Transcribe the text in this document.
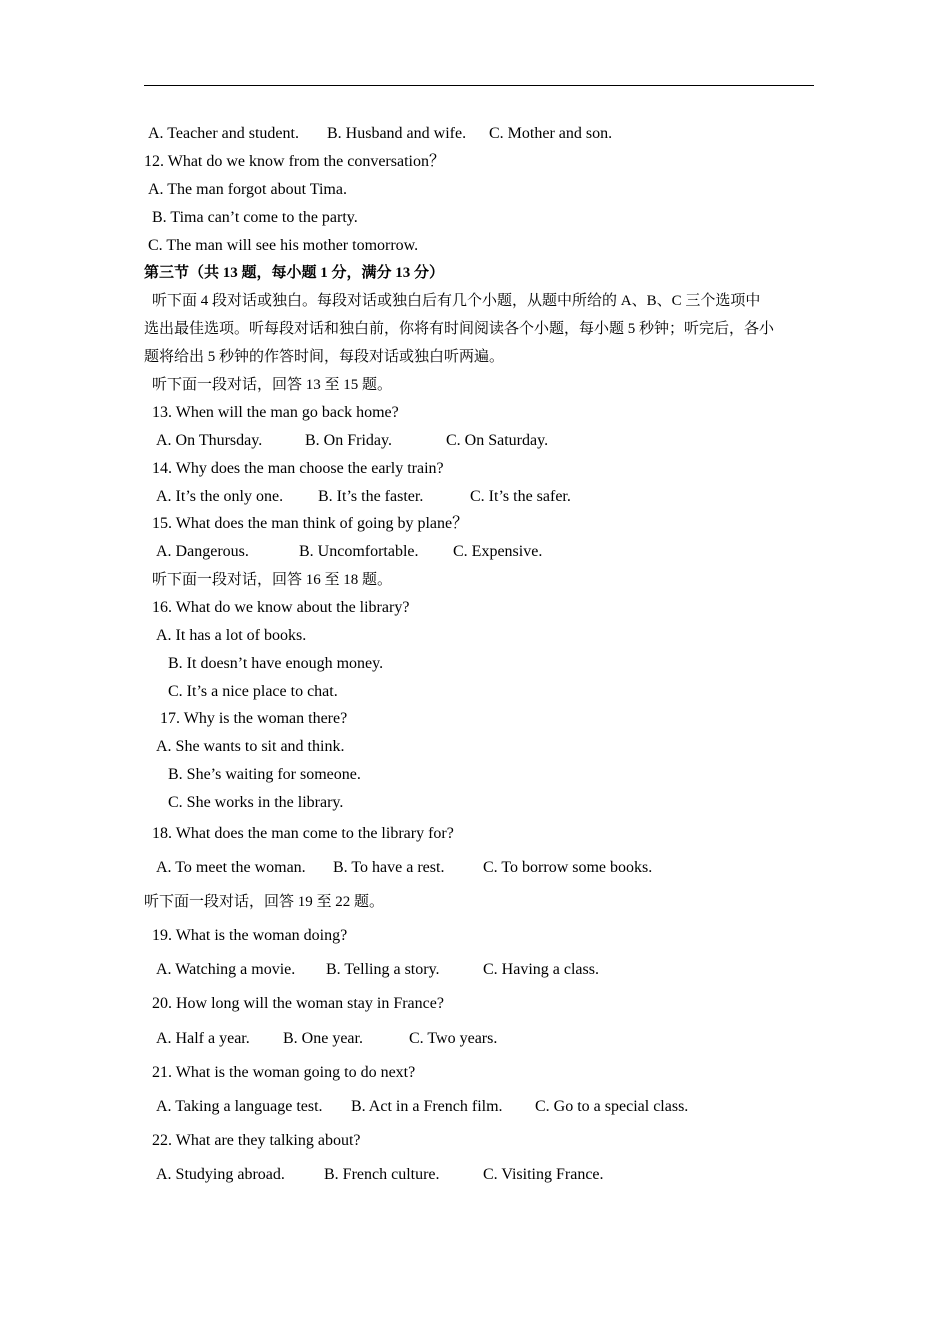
A. Teacher and student.

B. Husband and wife.

C. Mother and son.

12. What do we know from the conversation？
A. The man forgot about Tima.
B. Tima can’t come to the party.
C. The man will see his mother tomorrow.
第三节（共 13 题，每小题 1 分，满分 13 分）
听下面 4 段对话或独白。每段对话或独白后有几个小题，从题中所给的 A、B、C 三个选项中
选出最佳选项。听每段对话和独白前，你将有时间阅读各个小题，每小题 5 秒钟；听完后，各小
题将给出 5 秒钟的作答时间，每段对话或独白听两遍。
听下面一段对话，回答 13 至 15 题。
13. When will the man go back home?

A. On Thursday.

	B. On Friday.

	C. On Saturday.

14. Why does the man choose the early train?

A. It’s the only one.

B. It’s the faster.

	C. It’s the safer.

15. What does the man think of going by plane？

A. Dangerous.

	B. Uncomfortable.

C. Expensive.

听下面一段对话，回答 16 至 18 题。
16. What do we know about the library?
A. It has a lot of books.
B. It doesn’t have enough money.
C. It’s a nice place to chat.
17. Why is the woman there?
A. She wants to sit and think.
B. She’s waiting for someone.
C. She works in the library.
18. What does the man come to the library for?

A. To meet the woman.

B. To have a rest.

C. To borrow some books.

听下面一段对话，回答 19 至 22 题。
19. What is the woman doing?

A. Watching a movie.

B. Telling a story.

	C. Having a class.

20. How long will the woman stay in France?

A. Half a year.

B. One year.

	C. Two years.

21. What is the woman going to do next?

A. Taking a language test.

B. Act in a French film.

C. Go to a special class.

22. What are they talking about?

A. Studying abroad.

B. French culture.

	C. Visiting France.
